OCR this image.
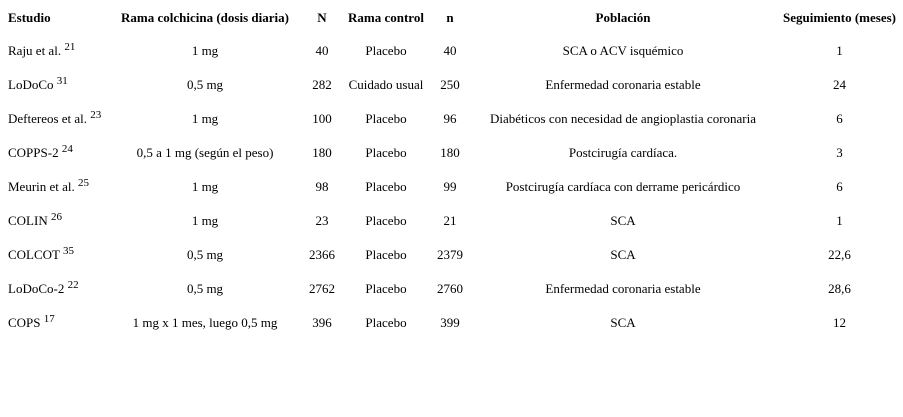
Estudio	Rama colchicina (dosis diaria)	N	Rama control	n	Población	Seguimiento (meses)
Raju et al. $^{21}$	1 mg	40	Placebo	40	SCA o ACV isquémico	1
LoDoCo $^{31}$	0,5 mg	282	Cuidado usual	250	Enfermedad coronaria estable	24
Deftereos et al. $^{23}$	1 mg	100	Placebo	96	Diabéticos con necesidad de angioplastia coronaria	6
COPPS-2 $^{24}$	0,5 a 1 mg (según el peso)	180	Placebo	180	Postcirugía cardíaca.	3
Meurin et al. $^{25}$	1 mg	98	Placebo	99	Postcirugía cardíaca con derrame pericárdico	6
COLIN $^{26}$	1 mg	23	Placebo	21	SCA	1
COLCOT $^{35}$	0,5 mg	2366	Placebo	2379	SCA	22,6
LoDoCo-2 $^{22}$	0,5 mg	2762	Placebo	2760	Enfermedad coronaria estable	28,6
COPS $^{17}$	1 mg x 1 mes, luego 0,5 mg	396	Placebo	399	SCA	12
